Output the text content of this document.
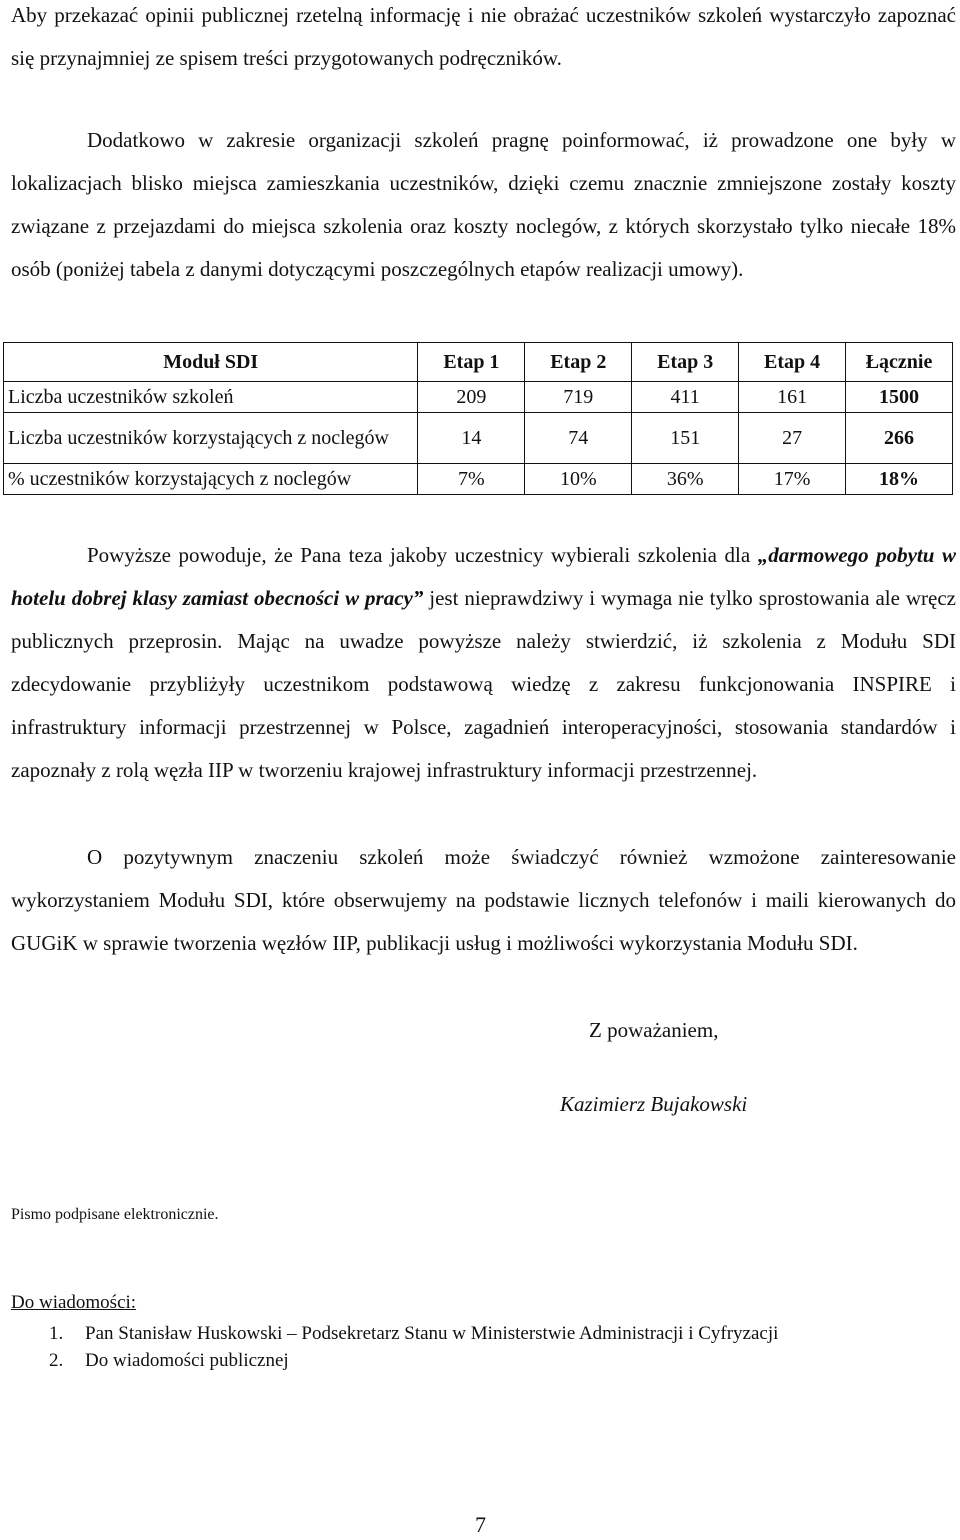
Aby przekazać opinii publicznej rzetelną informację i nie obrażać uczestników szkoleń wystarczyło zapoznać się przynajmniej ze spisem treści przygotowanych podręczników.

Dodatkowo w zakresie organizacji szkoleń pragnę poinformować, iż prowadzone one były w lokalizacjach blisko miejsca zamieszkania uczestników, dzięki czemu znacznie zmniejszone zostały koszty związane z przejazdami do miejsca szkolenia oraz koszty noclegów, z których skorzystało tylko niecałe 18% osób (poniżej tabela z danymi dotyczącymi poszczególnych etapów realizacji umowy).

Moduł SDI	Etap 1	Etap 2	Etap 3	Etap 4	Łącznie
Liczba uczestników szkoleń	209	719	411	161	1500
Liczba uczestników korzystających z noclegów	14	74	151	27	266
% uczestników korzystających z noclegów	7%	10%	36%	17%	18%

Powyższe powoduje, że Pana teza jakoby uczestnicy wybierali szkolenia dla „darmowego pobytu w hotelu dobrej klasy zamiast obecności w pracy” jest nieprawdziwy i wymaga nie tylko sprostowania ale wręcz publicznych przeprosin. Mając na uwadze powyższe należy stwierdzić, iż szkolenia z Modułu SDI zdecydowanie przybliżyły uczestnikom podstawową wiedzę z zakresu funkcjonowania INSPIRE i infrastruktury informacji przestrzennej w Polsce, zagadnień interoperacyjności, stosowania standardów i zapoznały z rolą węzła IIP w tworzeniu krajowej infrastruktury informacji przestrzennej.

O pozytywnym znaczeniu szkoleń może świadczyć również wzmożone zainteresowanie wykorzystaniem Modułu SDI, które obserwujemy na podstawie licznych telefonów i maili kierowanych do GUGiK w sprawie tworzenia węzłów IIP, publikacji usług i możliwości wykorzystania Modułu SDI.

Z poważaniem,
Kazimierz Bujakowski
Pismo podpisane elektronicznie.
Do wiadomości:
1. Pan Stanisław Huskowski – Podsekretarz Stanu w Ministerstwie Administracji i Cyfryzacji
2. Do wiadomości publicznej
7
